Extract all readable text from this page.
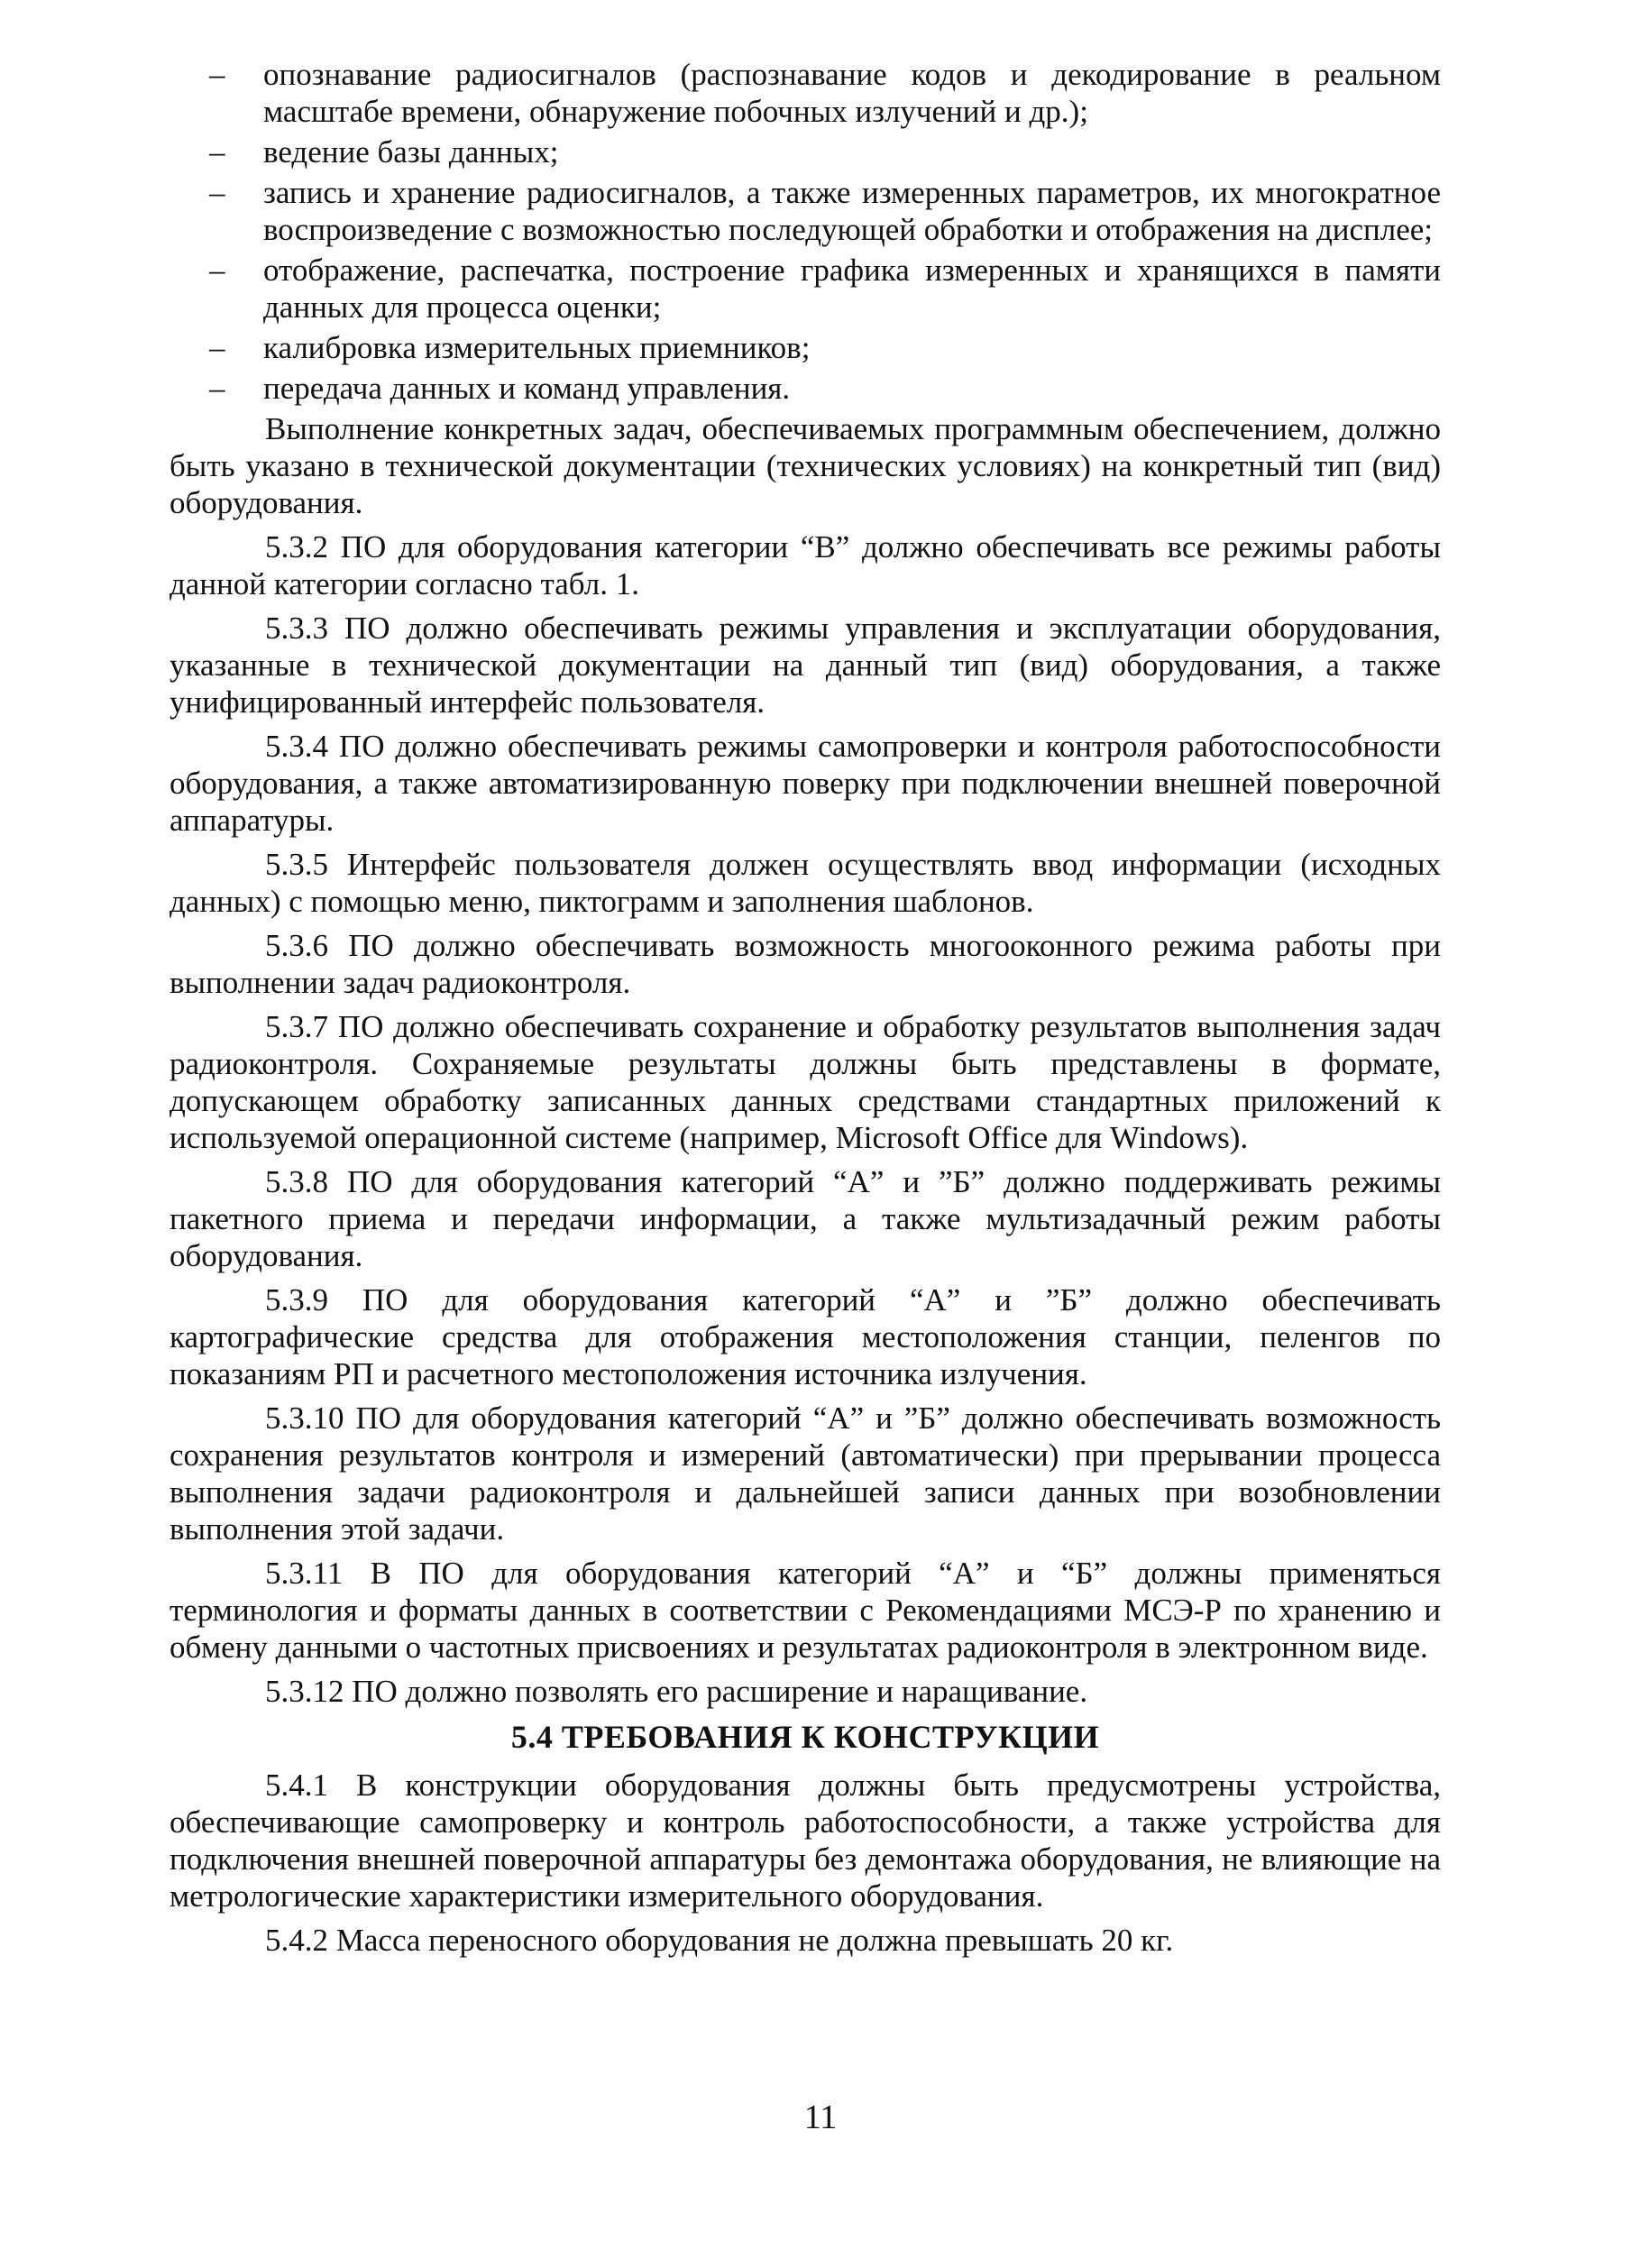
– опознавание радиосигналов (распознавание кодов и декодирование в реальном масштабе времени, обнаружение побочных излучений и др.);
– ведение базы данных;
– запись и хранение радиосигналов, а также измеренных параметров, их многократное воспроизведение с возможностью последующей обработки и отображения на дисплее;
– отображение, распечатка, построение графика измеренных и хранящихся в памяти данных для процесса оценки;
– калибровка измерительных приемников;
– передача данных и команд управления.

Выполнение конкретных задач, обеспечиваемых программным обеспечением, должно быть указано в технической документации (технических условиях) на конкретный тип (вид) оборудования.

5.3.2 ПО для оборудования категории “В” должно обеспечивать все режимы работы данной категории согласно табл. 1.

5.3.3 ПО должно обеспечивать режимы управления и эксплуатации оборудования, указанные в технической документации на данный тип (вид) оборудования, а также унифицированный интерфейс пользователя.

5.3.4 ПО должно обеспечивать режимы самопроверки и контроля работоспособности оборудования, а также автоматизированную поверку при подключении внешней поверочной аппаратуры.

5.3.5 Интерфейс пользователя должен осуществлять ввод информации (исходных данных) с помощью меню, пиктограмм и заполнения шаблонов.

5.3.6 ПО должно обеспечивать возможность многооконного режима работы при выполнении задач радиоконтроля.

5.3.7 ПО должно обеспечивать сохранение и обработку результатов выполнения задач радиоконтроля. Сохраняемые результаты должны быть представлены в формате, допускающем обработку записанных данных средствами стандартных приложений к используемой операционной системе (например, Microsoft Office для Windows).

5.3.8 ПО для оборудования категорий “А” и ”Б” должно поддерживать режимы пакетного приема и передачи информации, а также мультизадачный режим работы оборудования.

5.3.9 ПО для оборудования категорий “А” и ”Б” должно обеспечивать картографические средства для отображения местоположения станции, пеленгов по показаниям РП и расчетного местоположения источника излучения.

5.3.10 ПО для оборудования категорий “А” и ”Б” должно обеспечивать возможность сохранения результатов контроля и измерений (автоматически) при прерывании процесса выполнения задачи радиоконтроля и дальнейшей записи данных при возобновлении выполнения этой задачи.

5.3.11 В ПО для оборудования категорий “А” и “Б” должны применяться терминология и форматы данных в соответствии с Рекомендациями МСЭ-Р по хранению и обмену данными о частотных присвоениях и результатах радиоконтроля в электронном виде.

5.3.12 ПО должно позволять его расширение и наращивание.

5.4 ТРЕБОВАНИЯ К КОНСТРУКЦИИ

5.4.1 В конструкции оборудования должны быть предусмотрены устройства, обеспечивающие самопроверку и контроль работоспособности, а также устройства для подключения внешней поверочной аппаратуры без демонтажа оборудования, не влияющие на метрологические характеристики измерительного оборудования.

5.4.2 Масса переносного оборудования не должна превышать 20 кг.

11
